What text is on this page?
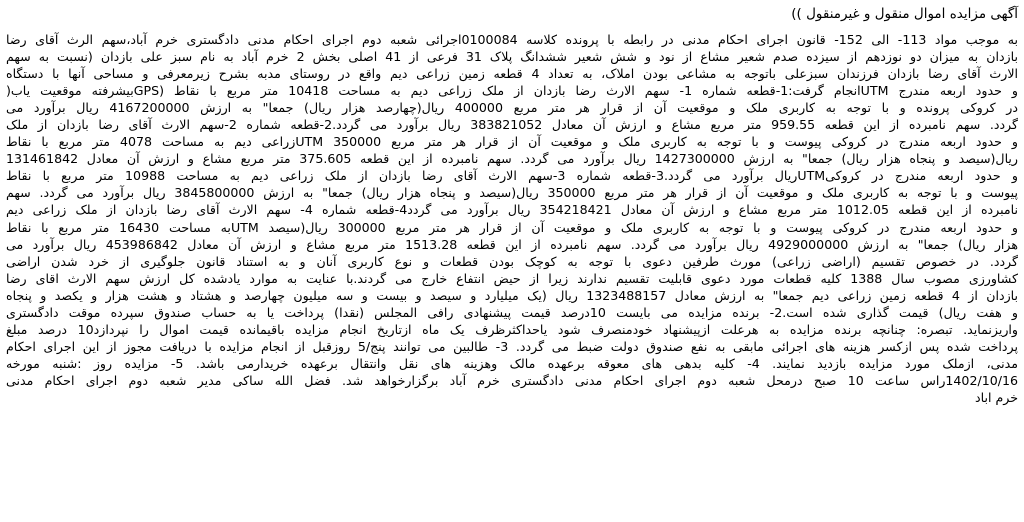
آگهی مزایده اموال منقول و غیرمنقول ))
به موجب مواد 113- الی 152- قانون اجرای احکام مدنی در رابطه با پرونده کلاسه 0100084اجرائی شعبه دوم اجرای احکام مدنی دادگستری خرم آباد،سهم الرث آقای رضا
بازدان به میزان دو نوزدهم از سیزده صدم شعیر مشاع از نود و شش شعیر ششدانگ پلاک 31 فرعی از 41 اصلی بخش 2 خرم آباد به نام سبز علی بازدان (نسبت به سهم
الارث آقای رضا بازدان فرزندان سبزعلی باتوجه به مشاعی بودن املاک، به تعداد 4 قطعه زمین زراعی دیم واقع در روستای مدبه بشرح زیرمعرفی و مساحی آنها با دستگاه
و حدود اربعه مندرج UTMانجام گرفت:1-قطعه شماره 1- سهم الارث رضا بازدان از ملک زراعی دیم به مساحت 10418 متر مربع با نقاط (GPSبیشرفته موقعیت یاب(
در کروکی پرونده و با توجه به کاربری ملک و موقعیت آن از قرار هر متر مربع 400000 ریال(چهارصد هزار ریال) جمعا" به ارزش 4167200000 ریال برآورد می
گردد. سهم نامبرده از این قطعه 959.55 متر مربع مشاع و ارزش آن معادل 383821052 ریال برآورد می گردد.2-قطعه شماره 2-سهم الارث آقای رضا بازدان از ملک
و حدود اربعه مندرج در کروکی پیوست و با توجه به کاربری ملک و موقعیت آن از قرار هر متر مربع 350000 UTMزراعی دیم به مساحت 4078 متر مربع با نقاط
ریال(سیصد و پنجاه هزار ریال) جمعا" به ارزش 1427300000 ریال برآورد می گردد. سهم نامبرده از این قطعه 375.605 متر مربع مشاع و ارزش آن معادل 131461842
و حدود اربعه مندرج در کروکیUTMریال برآورد می گردد.3-قطعه شماره 3-سهم الارث آقای رضا بازدان از ملک زراعی دیم به مساحت 10988 متر مربع با نقاط
پیوست و با توجه به کاربری ملک و موقعیت آن از قرار هر متر مربع 350000 ریال(سیصد و پنجاه هزار ریال) جمعا" به ارزش 3845800000 ریال برآورد می گردد. سهم
نامبرده از این قطعه 1012.05 متر مربع مشاع و ارزش آن معادل 354218421 ریال برآورد می گردد4-قطعه شماره 4- سهم الارث آقای رضا بازدان از ملک زراعی دیم
و حدود اربعه مندرج در کروکی پیوست و با توجه به کاربری ملک و موقعیت آن از قرار هر متر مربع 300000 ریال(سیصد UTMبه مساحت 16430 متر مربع با نقاط
هزار ریال) جمعا" به ارزش 4929000000 ریال برآورد می گردد. سهم نامبرده از این قطعه 1513.28 متر مربع مشاع و ارزش آن معادل 453986842 ریال برآورد می
گردد. در خصوص تقسیم (اراضی زراعی) مورث طرفین دعوی با توجه به کوچک بودن قطعات و نوع کاربری آنان و به استناد قانون جلوگیری از خرد شدن اراضی
کشاورزی مصوب سال 1388 کلیه قطعات مورد دعوی قابلیت تقسیم ندارند زیرا از حیض انتفاع خارج می گردند.با عنایت به موارد یادشده کل ارزش سهم الارث اقای رضا
بازدان از 4 قطعه زمین زراعی دیم جمعا" به ارزش معادل 1323488157 ریال (یک میلیارد و سیصد و بیست و سه میلیون چهارصد و هشتاد و هشت هزار و یکصد و پنجاه
و هفت ریال) قیمت گذاری شده است.2- برنده مزایده می بایست 10درصد قیمت پیشنهادی رافی المجلس (نقدا) پرداخت یا به حساب صندوق سپرده موقت دادگستری
واریزنماید. تبصره: چنانچه برنده مزایده به هرعلت ازپیشنهاد خودمنصرف شود یاحداکثرظرف یک ماه ازتاریخ انجام مزایده باقیمانده قیمت اموال را نپردازد10 درصد مبلغ
پرداخت شده پس ازکسر هزینه های اجرائی مابقی به نفع صندوق دولت ضبط می گردد. 3- طالبین می توانند پنج/5 روزقبل از انجام مزایده با دریافت مجوز از این اجرای احکام
مدنی، ازملک مورد مزایده بازدید نمایند. 4- کلیه بدهی های معوقه برعهده مالک وهزینه های نقل وانتقال برعهده خریدارمی باشد. 5- مزایده روز :شنبه مورخه
1402/10/16راس ساعت 10 صبح درمحل شعبه دوم اجرای احکام مدنی دادگستری خرم آباد برگزارخواهد شد. فضل الله ساکی مدیر شعبه دوم اجرای احکام مدنی
خرم اباد
